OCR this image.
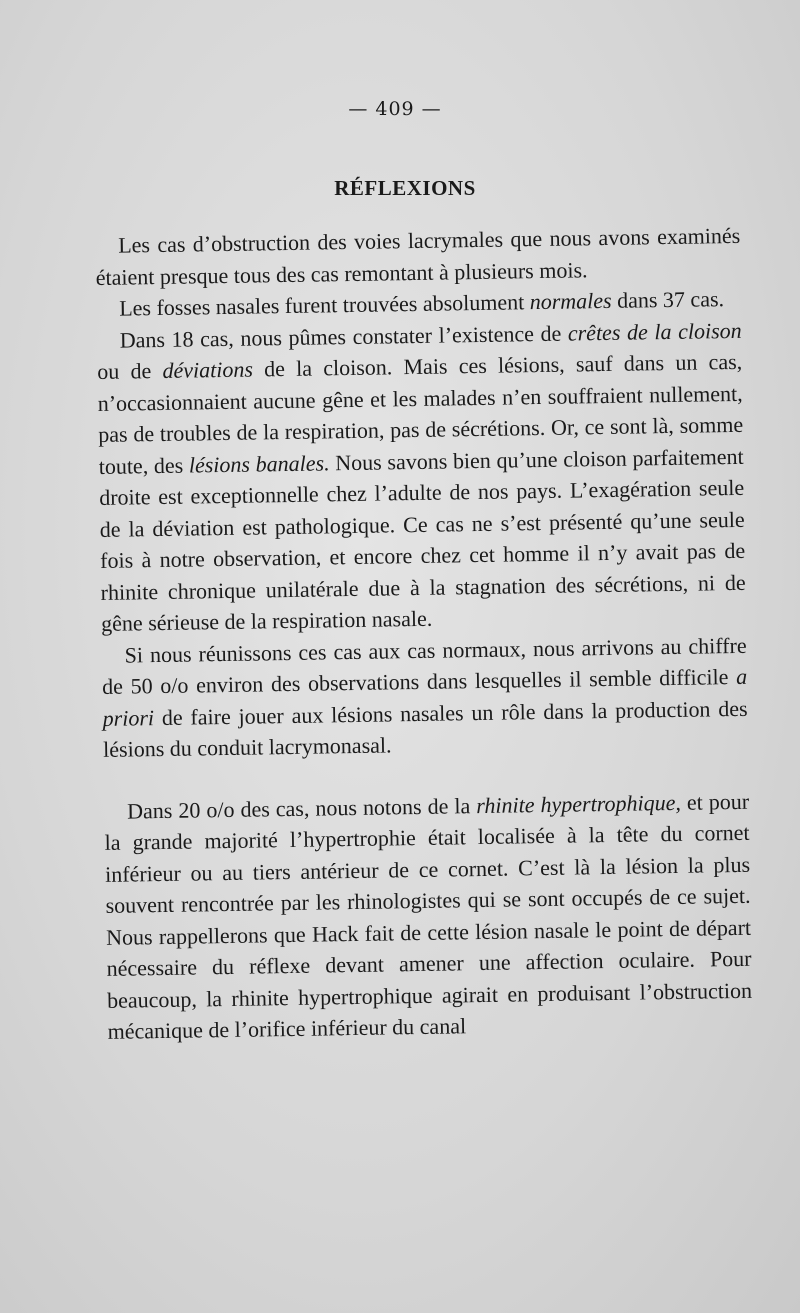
— 409 —
RÉFLEXIONS

Les cas d’obstruction des voies lacrymales que nous avons examinés étaient presque tous des cas remontant à plusieurs mois.

Les fosses nasales furent trouvées absolument normales dans 37 cas.

Dans 18 cas, nous pûmes constater l’existence de crêtes de la cloison ou de déviations de la cloison. Mais ces lésions, sauf dans un cas, n’occasionnaient aucune gêne et les malades n’en souffraient nullement, pas de troubles de la respiration, pas de sécrétions. Or, ce sont là, somme toute, des lésions banales. Nous savons bien qu’une cloison parfaitement droite est exceptionnelle chez l’adulte de nos pays. L’exagération seule de la déviation est pathologique. Ce cas ne s’est présenté qu’une seule fois à notre observation, et encore chez cet homme il n’y avait pas de rhinite chronique unilatérale due à la stagnation des sécrétions, ni de gêne sérieuse de la respiration nasale.

Si nous réunissons ces cas aux cas normaux, nous arrivons au chiffre de 50 o/o environ des observations dans lesquelles il semble difficile a priori de faire jouer aux lésions nasales un rôle dans la production des lésions du conduit lacrymonasal.

Dans 20 o/o des cas, nous notons de la rhinite hypertrophique, et pour la grande majorité l’hypertrophie était localisée à la tête du cornet inférieur ou au tiers antérieur de ce cornet. C’est là la lésion la plus souvent rencontrée par les rhinologistes qui se sont occupés de ce sujet. Nous rappellerons que Hack fait de cette lésion nasale le point de départ nécessaire du réflexe devant amener une affection oculaire. Pour beaucoup, la rhinite hypertrophique agirait en produisant l’obstruction mécanique de l’orifice inférieur du canal
